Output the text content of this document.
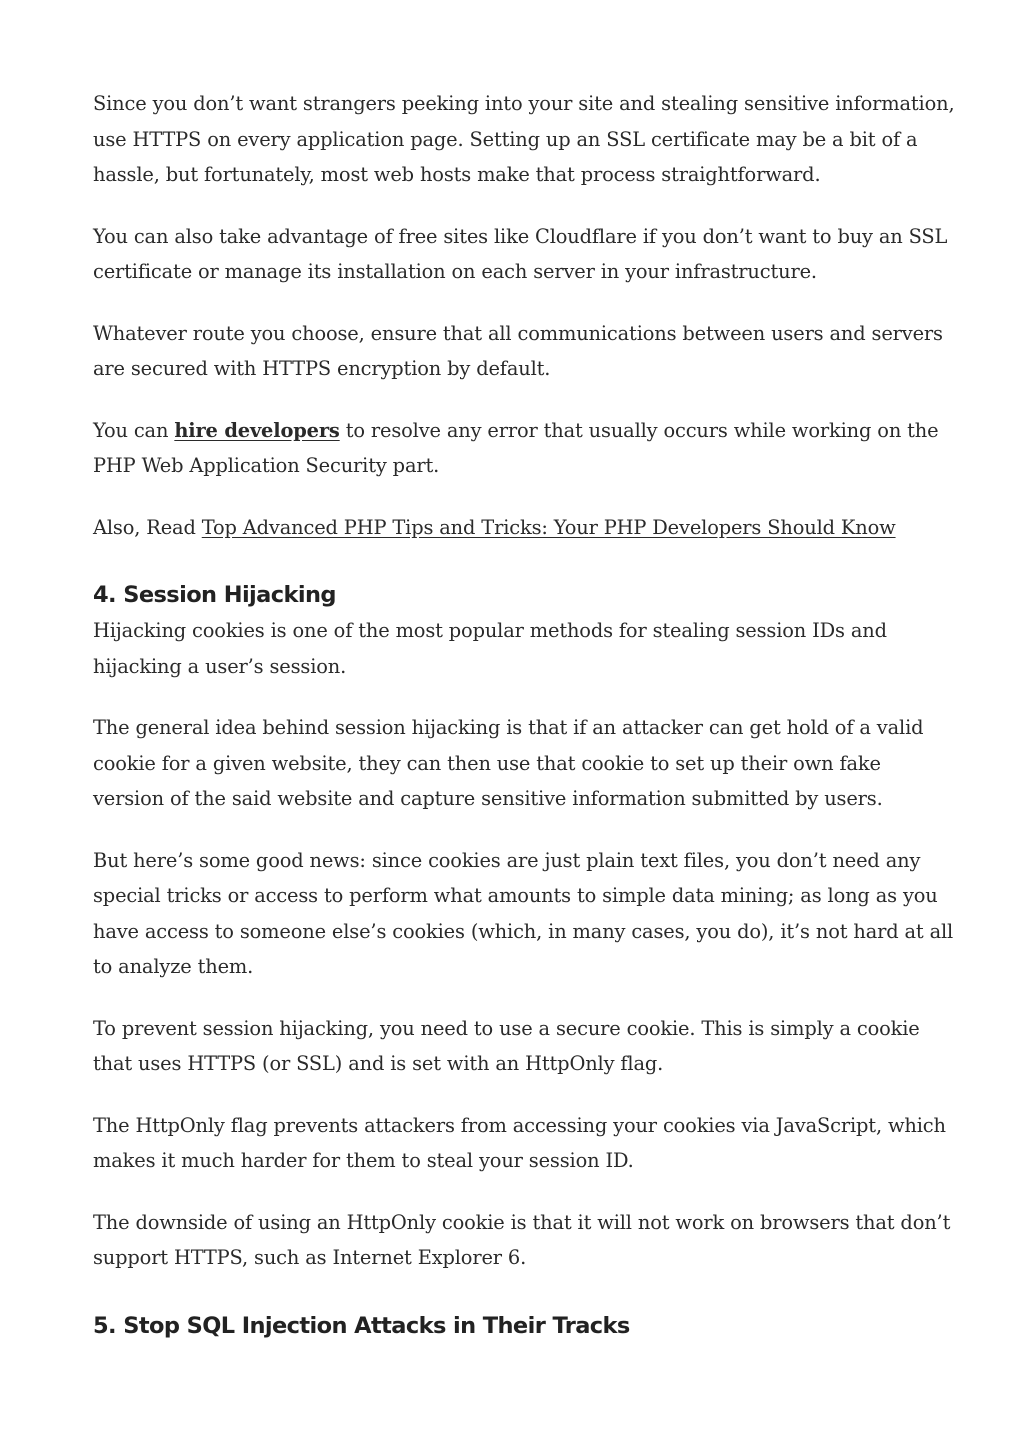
Since you don’t want strangers peeking into your site and stealing sensitive information, use HTTPS on every application page. Setting up an SSL certificate may be a bit of a hassle, but fortunately, most web hosts make that process straightforward.

You can also take advantage of free sites like Cloudflare if you don’t want to buy an SSL certificate or manage its installation on each server in your infrastructure.

Whatever route you choose, ensure that all communications between users and servers are secured with HTTPS encryption by default.

You can hire developers to resolve any error that usually occurs while working on the PHP Web Application Security part.

Also, Read Top Advanced PHP Tips and Tricks: Your PHP Developers Should Know

4. Session Hijacking

Hijacking cookies is one of the most popular methods for stealing session IDs and hijacking a user’s session.

The general idea behind session hijacking is that if an attacker can get hold of a valid cookie for a given website, they can then use that cookie to set up their own fake version of the said website and capture sensitive information submitted by users.

But here’s some good news: since cookies are just plain text files, you don’t need any special tricks or access to perform what amounts to simple data mining; as long as you have access to someone else’s cookies (which, in many cases, you do), it’s not hard at all to analyze them.

To prevent session hijacking, you need to use a secure cookie. This is simply a cookie that uses HTTPS (or SSL) and is set with an HttpOnly flag.

The HttpOnly flag prevents attackers from accessing your cookies via JavaScript, which makes it much harder for them to steal your session ID.

The downside of using an HttpOnly cookie is that it will not work on browsers that don’t support HTTPS, such as Internet Explorer 6.

5. Stop SQL Injection Attacks in Their Tracks
